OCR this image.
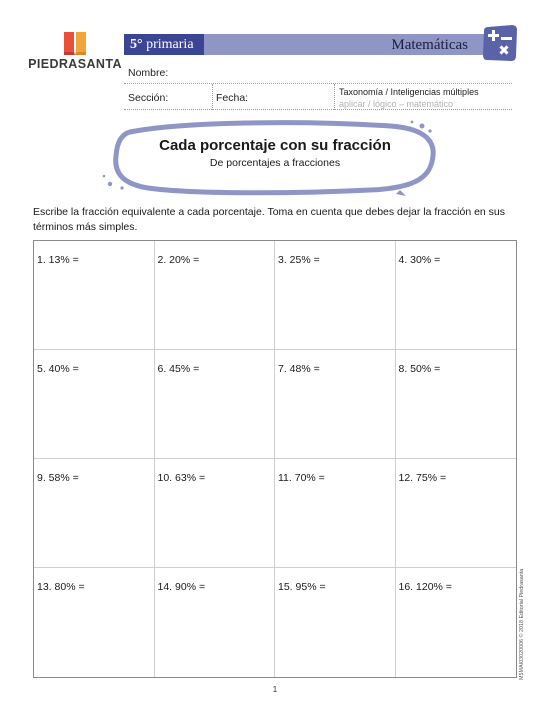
PIEDRASANTA
5° primaria	Matemáticas
Nombre:
Sección:	Fecha:	Taxonomía / Inteligencias múltiples
aplicar / lógico – matemático
Cada porcentaje con su fracción
De porcentajes a fracciones
Escribe la fracción equivalente a cada porcentaje. Toma en cuenta que debes dejar la fracción en sus términos más simples.
1. 13% =	2. 20% =	3. 25% =	4. 30% =
5. 40% =	6. 45% =	7. 48% =	8. 50% =
9. 58% =	10. 63% =	11. 70% =	12. 75% =
13. 80% =	14. 90% =	15. 95% =	16. 120% =	M5MAI03020006 © 2018 Editorial Piedrasanta
1
